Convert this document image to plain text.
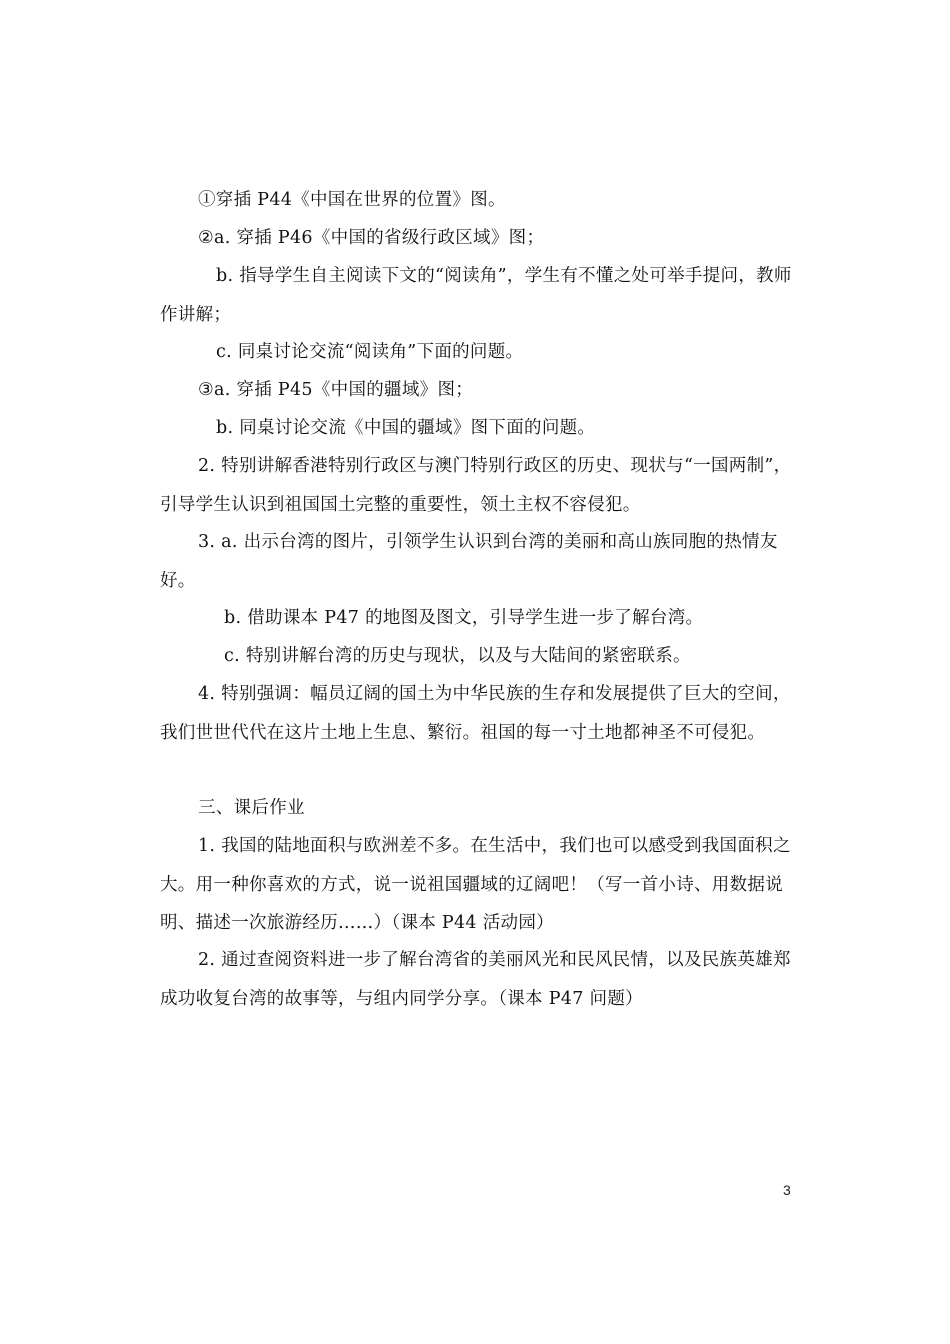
①穿插 P44《中国在世界的位置》图。

②a. 穿插 P46《中国的省级行政区域》图；

b. 指导学生自主阅读下文的“阅读角”，学生有不懂之处可举手提问，教师作讲解；

c. 同桌讨论交流“阅读角”下面的问题。

③a. 穿插 P45《中国的疆域》图；

b. 同桌讨论交流《中国的疆域》图下面的问题。

2. 特别讲解香港特别行政区与澳门特别行政区的历史、现状与“一国两制”，引导学生认识到祖国国土完整的重要性，领土主权不容侵犯。

3. a. 出示台湾的图片，引领学生认识到台湾的美丽和高山族同胞的热情友好。

b. 借助课本 P47 的地图及图文，引导学生进一步了解台湾。

c. 特别讲解台湾的历史与现状，以及与大陆间的紧密联系。

4. 特别强调：幅员辽阔的国土为中华民族的生存和发展提供了巨大的空间，我们世世代代在这片土地上生息、繁衍。祖国的每一寸土地都神圣不可侵犯。

三、课后作业

1. 我国的陆地面积与欧洲差不多。在生活中，我们也可以感受到我国面积之大。用一种你喜欢的方式，说一说祖国疆域的辽阔吧！（写一首小诗、用数据说明、描述一次旅游经历……）（课本 P44 活动园）

2. 通过查阅资料进一步了解台湾省的美丽风光和民风民情，以及民族英雄郑成功收复台湾的故事等，与组内同学分享。（课本 P47 问题）

3
